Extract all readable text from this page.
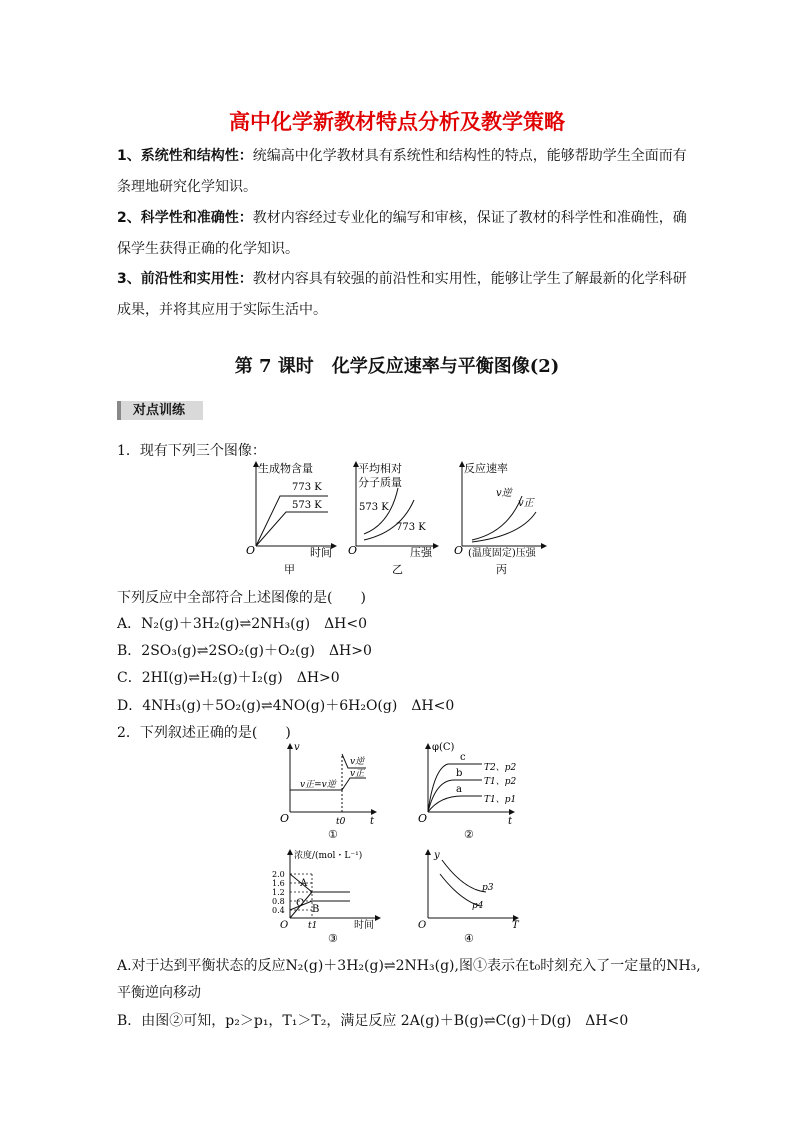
高中化学新教材特点分析及教学策略
1、系统性和结构性：统编高中化学教材具有系统性和结构性的特点，能够帮助学生全面而有条理地研究化学知识。
2、科学性和准确性：教材内容经过专业化的编写和审核，保证了教材的科学性和准确性，确保学生获得正确的化学知识。
3、前沿性和实用性：教材内容具有较强的前沿性和实用性，能够让学生了解最新的化学科研成果，并将其应用于实际生活中。
第 7 课时　化学反应速率与平衡图像(2)
对点训练
1．现有下列三个图像：
生成物含量
773 K
573 K
O	时间
甲
平均相对
分子质量
573 K
773 K
O	压强
乙
反应速率
v逆
v正
O (温度固定)压强
丙
下列反应中全部符合上述图像的是(　　)
A．N₂(g)＋3H₂(g)⇌2NH₃(g)　ΔH<0
B．2SO₃(g)⇌2SO₂(g)＋O₂(g)　ΔH>0
C．2HI(g)⇌H₂(g)＋I₂(g)　ΔH>0
D．4NH₃(g)＋5O₂(g)⇌4NO(g)＋6H₂O(g)　ΔH<0
2．下列叙述正确的是(　　)
v
v正=v逆
v逆
v正
t0
O	t
①
φ(C)
c
b
a
T2、p2
T1、p2
T1、p1
O	t
②
浓度/(mol・L⁻¹)
2.0
1.6
1.2
0.8
0.4
A
C
B
t1
O	时间
③
y
p3
p4
O	T
④
A.对于达到平衡状态的反应N₂(g)＋3H₂(g)⇌2NH₃(g),图①表示在t₀时刻充入了一定量的NH₃,
平衡逆向移动
B．由图②可知，p₂＞p₁，T₁＞T₂，满足反应 2A(g)＋B(g)⇌C(g)＋D(g)　ΔH<0
